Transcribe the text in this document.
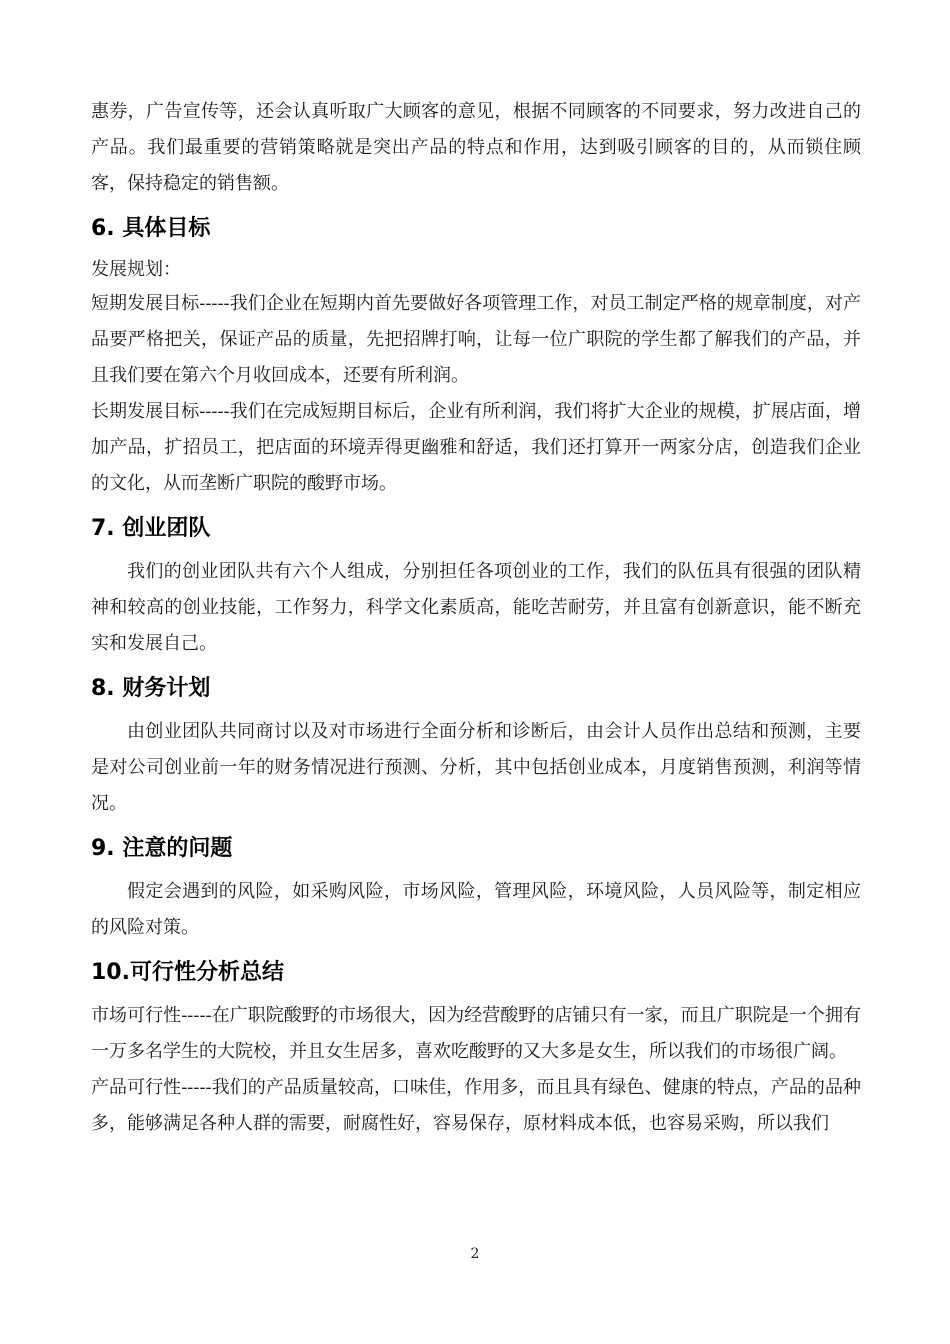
惠券，广告宣传等，还会认真听取广大顾客的意见，根据不同顾客的不同要求，努力改进自己的产品。我们最重要的营销策略就是突出产品的特点和作用，达到吸引顾客的目的，从而锁住顾客，保持稳定的销售额。

6. 具体目标

发展规划：

短期发展目标-----我们企业在短期内首先要做好各项管理工作，对员工制定严格的规章制度，对产品要严格把关，保证产品的质量，先把招牌打响，让每一位广职院的学生都了解我们的产品，并且我们要在第六个月收回成本，还要有所利润。

长期发展目标-----我们在完成短期目标后，企业有所利润，我们将扩大企业的规模，扩展店面，增加产品，扩招员工，把店面的环境弄得更幽雅和舒适，我们还打算开一两家分店，创造我们企业的文化，从而垄断广职院的酸野市场。

7. 创业团队

我们的创业团队共有六个人组成，分别担任各项创业的工作，我们的队伍具有很强的团队精神和较高的创业技能，工作努力，科学文化素质高，能吃苦耐劳，并且富有创新意识，能不断充实和发展自己。

8. 财务计划

由创业团队共同商讨以及对市场进行全面分析和诊断后，由会计人员作出总结和预测，主要是对公司创业前一年的财务情况进行预测、分析，其中包括创业成本，月度销售预测，利润等情况。

9. 注意的问题

假定会遇到的风险，如采购风险，市场风险，管理风险，环境风险，人员风险等，制定相应的风险对策。

10.可行性分析总结

市场可行性-----在广职院酸野的市场很大，因为经营酸野的店铺只有一家，而且广职院是一个拥有一万多名学生的大院校，并且女生居多，喜欢吃酸野的又大多是女生，所以我们的市场很广阔。

产品可行性-----我们的产品质量较高，口味佳，作用多，而且具有绿色、健康的特点，产品的品种多，能够满足各种人群的需要，耐腐性好，容易保存，原材料成本低，也容易采购，所以我们

2
